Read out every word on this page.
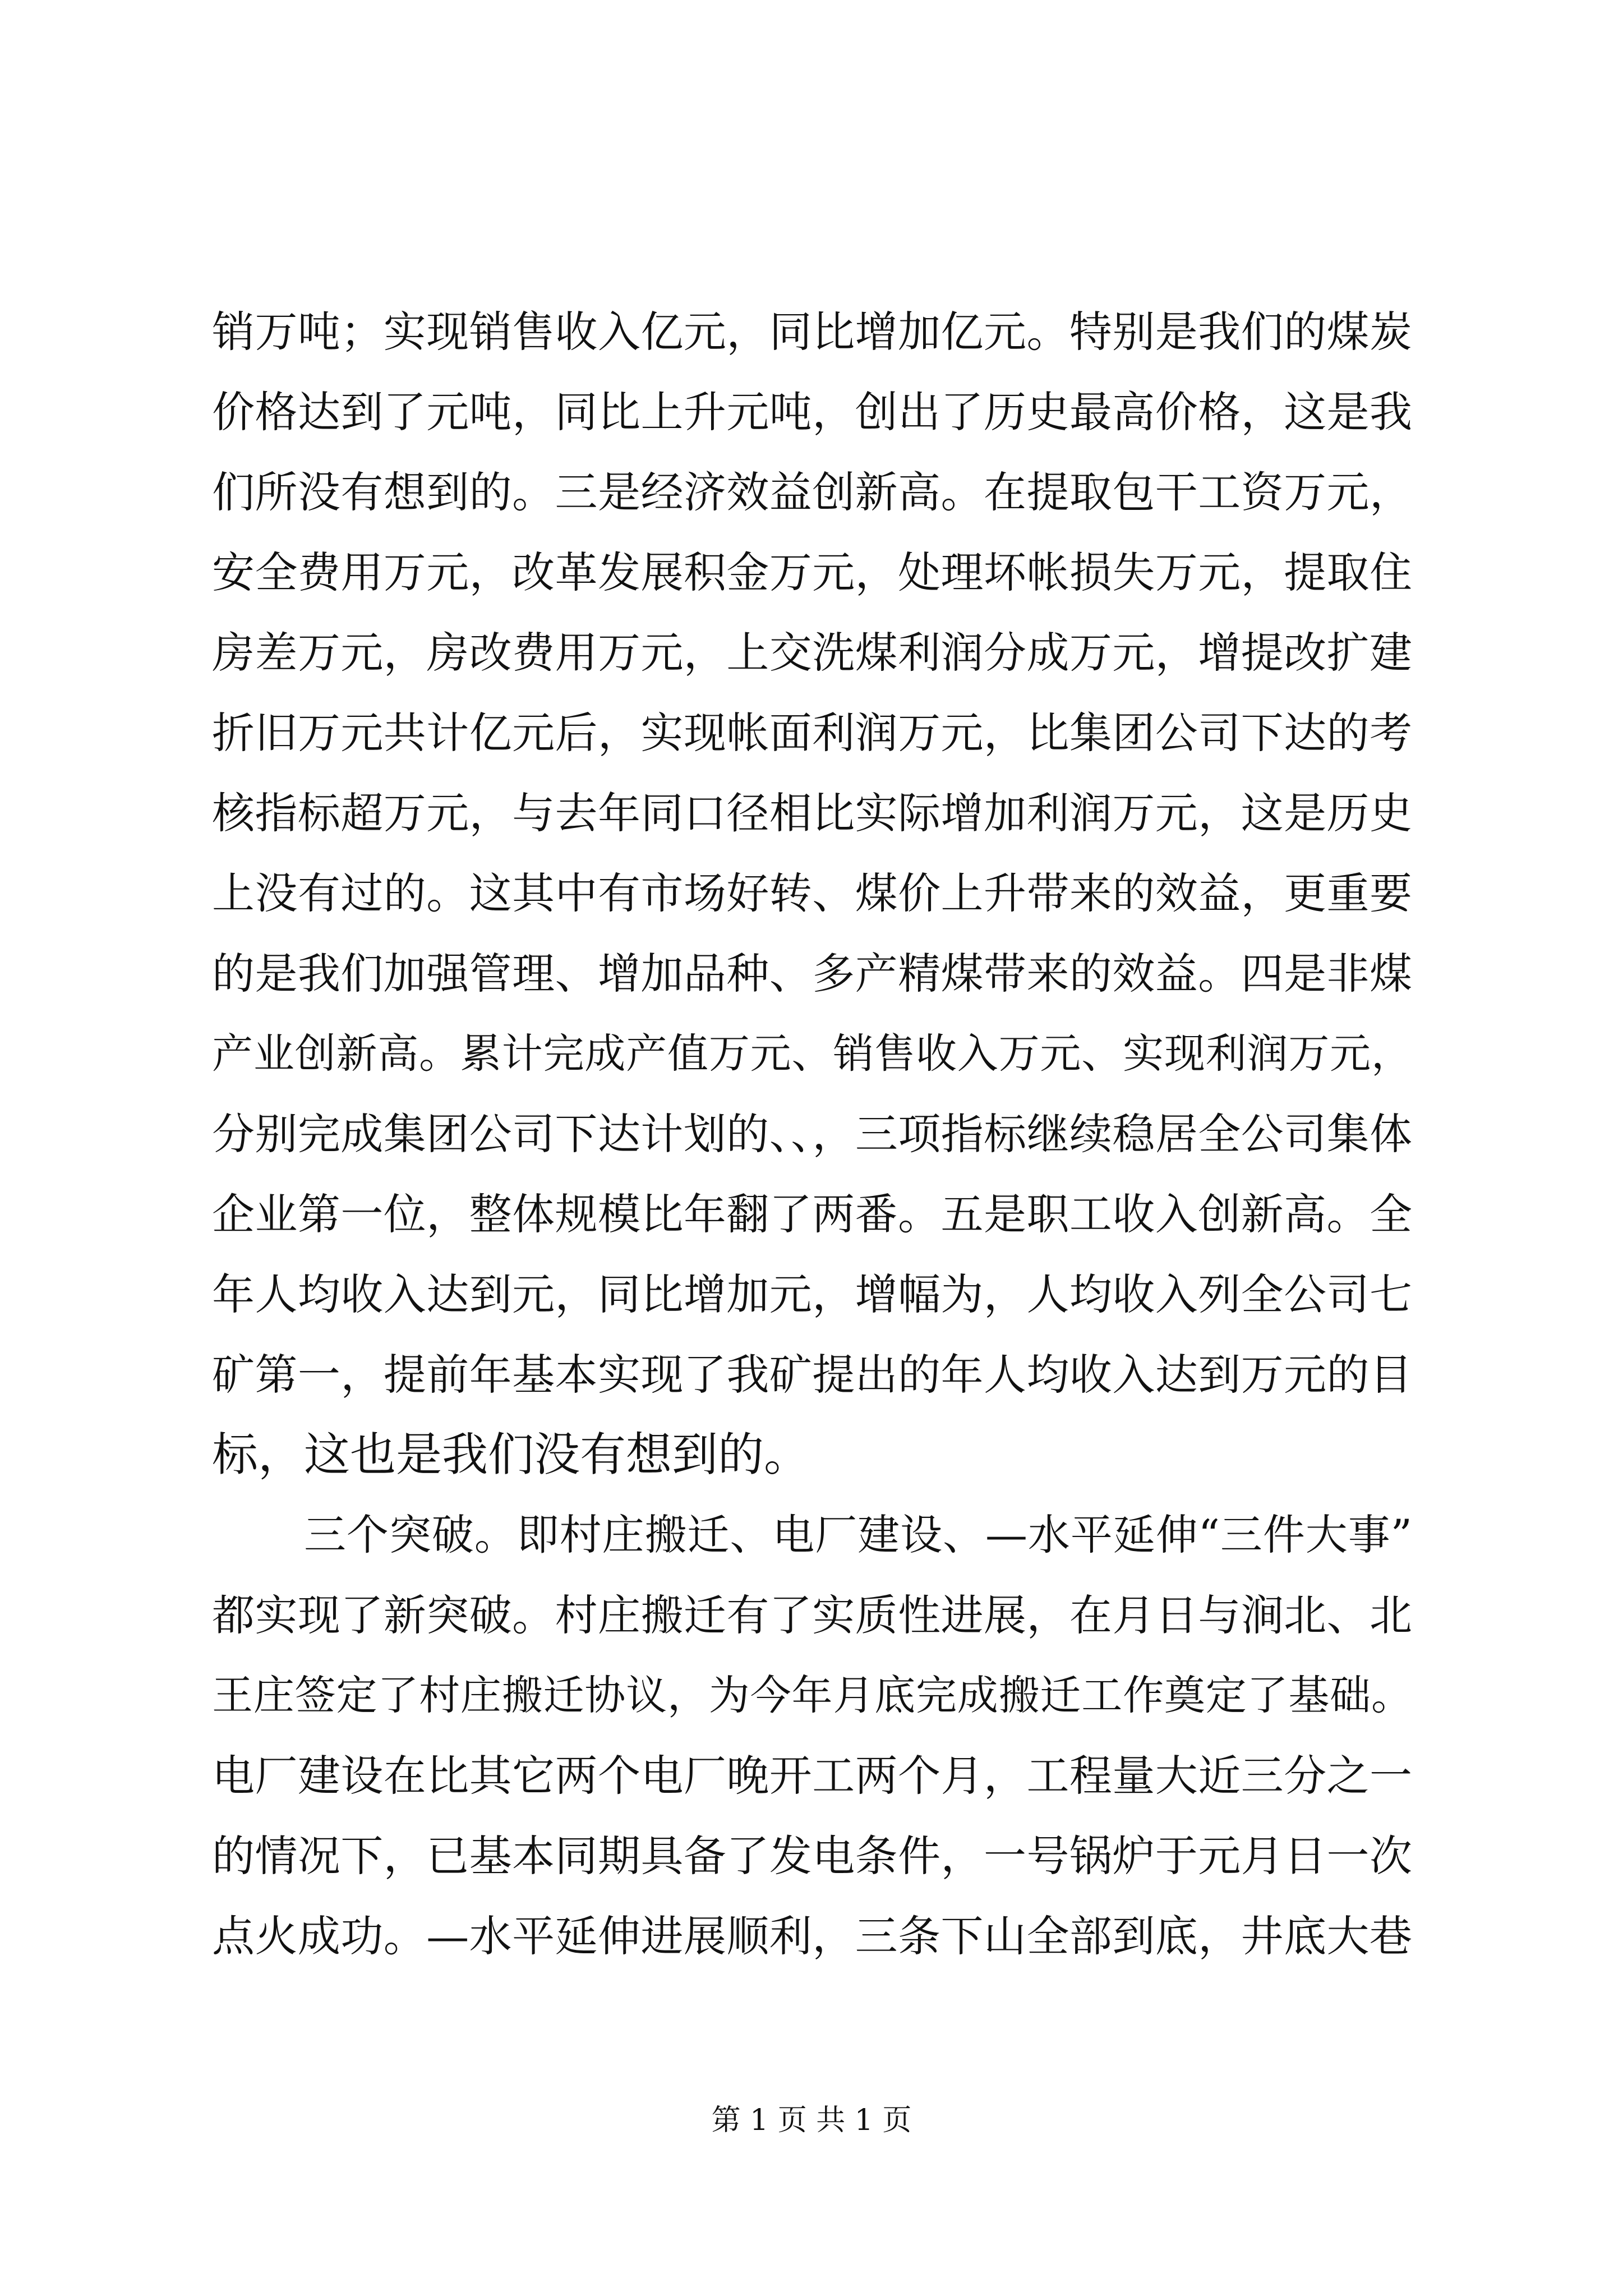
销万吨；实现销售收入亿元，同比增加亿元。特别是我们的煤炭
价格达到了元吨，同比上升元吨，创出了历史最高价格，这是我
们所没有想到的。三是经济效益创新高。在提取包干工资万元，
安全费用万元，改革发展积金万元，处理坏帐损失万元，提取住
房差万元，房改费用万元，上交洗煤利润分成万元，增提改扩建
折旧万元共计亿元后，实现帐面利润万元，比集团公司下达的考
核指标超万元，与去年同口径相比实际增加利润万元，这是历史
上没有过的。这其中有市场好转、煤价上升带来的效益，更重要
的是我们加强管理、增加品种、多产精煤带来的效益。四是非煤
产业创新高。累计完成产值万元、销售收入万元、实现利润万元，
分别完成集团公司下达计划的、、，三项指标继续稳居全公司集体
企业第一位，整体规模比年翻了两番。五是职工收入创新高。全
年人均收入达到元，同比增加元，增幅为，人均收入列全公司七
矿第一，提前年基本实现了我矿提出的年人均收入达到万元的目
标，这也是我们没有想到的。
三个突破。即村庄搬迁、电厂建设、—水平延伸“三件大事”
都实现了新突破。村庄搬迁有了实质性进展，在月日与涧北、北
王庄签定了村庄搬迁协议，为今年月底完成搬迁工作奠定了基础。
电厂建设在比其它两个电厂晚开工两个月，工程量大近三分之一
的情况下，已基本同期具备了发电条件，一号锅炉于元月日一次
点火成功。—水平延伸进展顺利，三条下山全部到底，井底大巷
第 1 页 共 1 页
